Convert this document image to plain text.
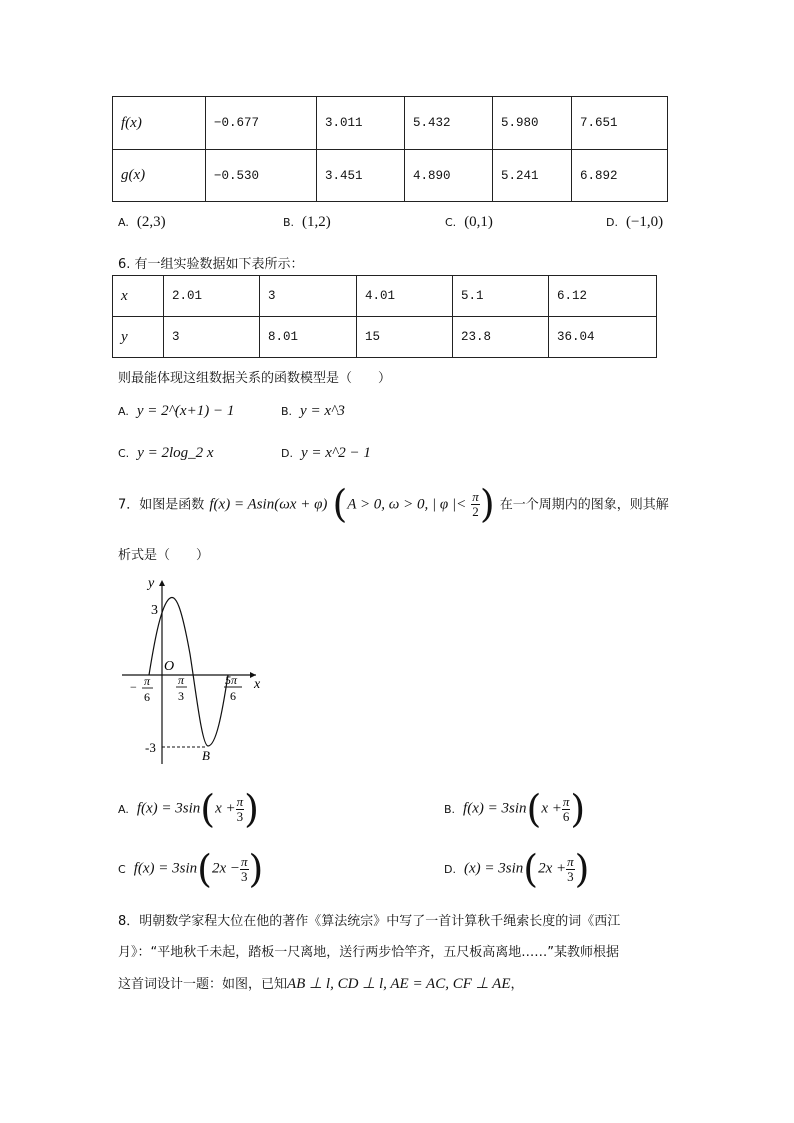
f(x)	−0.677	3.011	5.432	5.980	7.651
g(x)	−0.530	3.451	4.890	5.241	6.892
A. (2,3)	B. (1,2)	C. (0,1)	D. (−1,0)
6. 有一组实验数据如下表所示：
x	2.01	3	4.01	5.1	6.12
y	3	8.01	15	23.8	36.04
则最能体现这组数据关系的函数模型是（　　）
A. y = 2^(x+1) − 1	B. y = x^3
C. y = 2log_2 x	D. y = x^2 − 1
7．如图是函数 f(x) = Asin(ωx + φ) (A > 0, ω > 0, | φ |< $\frac{\pi}{2}$ ) 在一个周期内的图象，则其解
析式是（　　）
y
x
3
-3
O
B
− π
6
π
3
5π
6
A. $f(x) = 3\sin(x + \frac{\pi}{3}$ )	B. $f(x) = 3\sin(x + \frac{\pi}{6}$ )
C $f(x) = 3\sin(2x - \frac{\pi}{3}$ )	D. $(x) = 3\sin(2x + \frac{\pi}{3}$ )
8．明朝数学家程大位在他的著作《算法统宗》中写了一首计算秋千绳索长度的词《西江
月》：“平地秋千未起，踏板一尺离地，送行两步恰竿齐，五尺板高离地……”某教师根据
这首词设计一题：如图，已知AB ⊥ l, CD ⊥ l, AE = AC, CF ⊥ AE，
